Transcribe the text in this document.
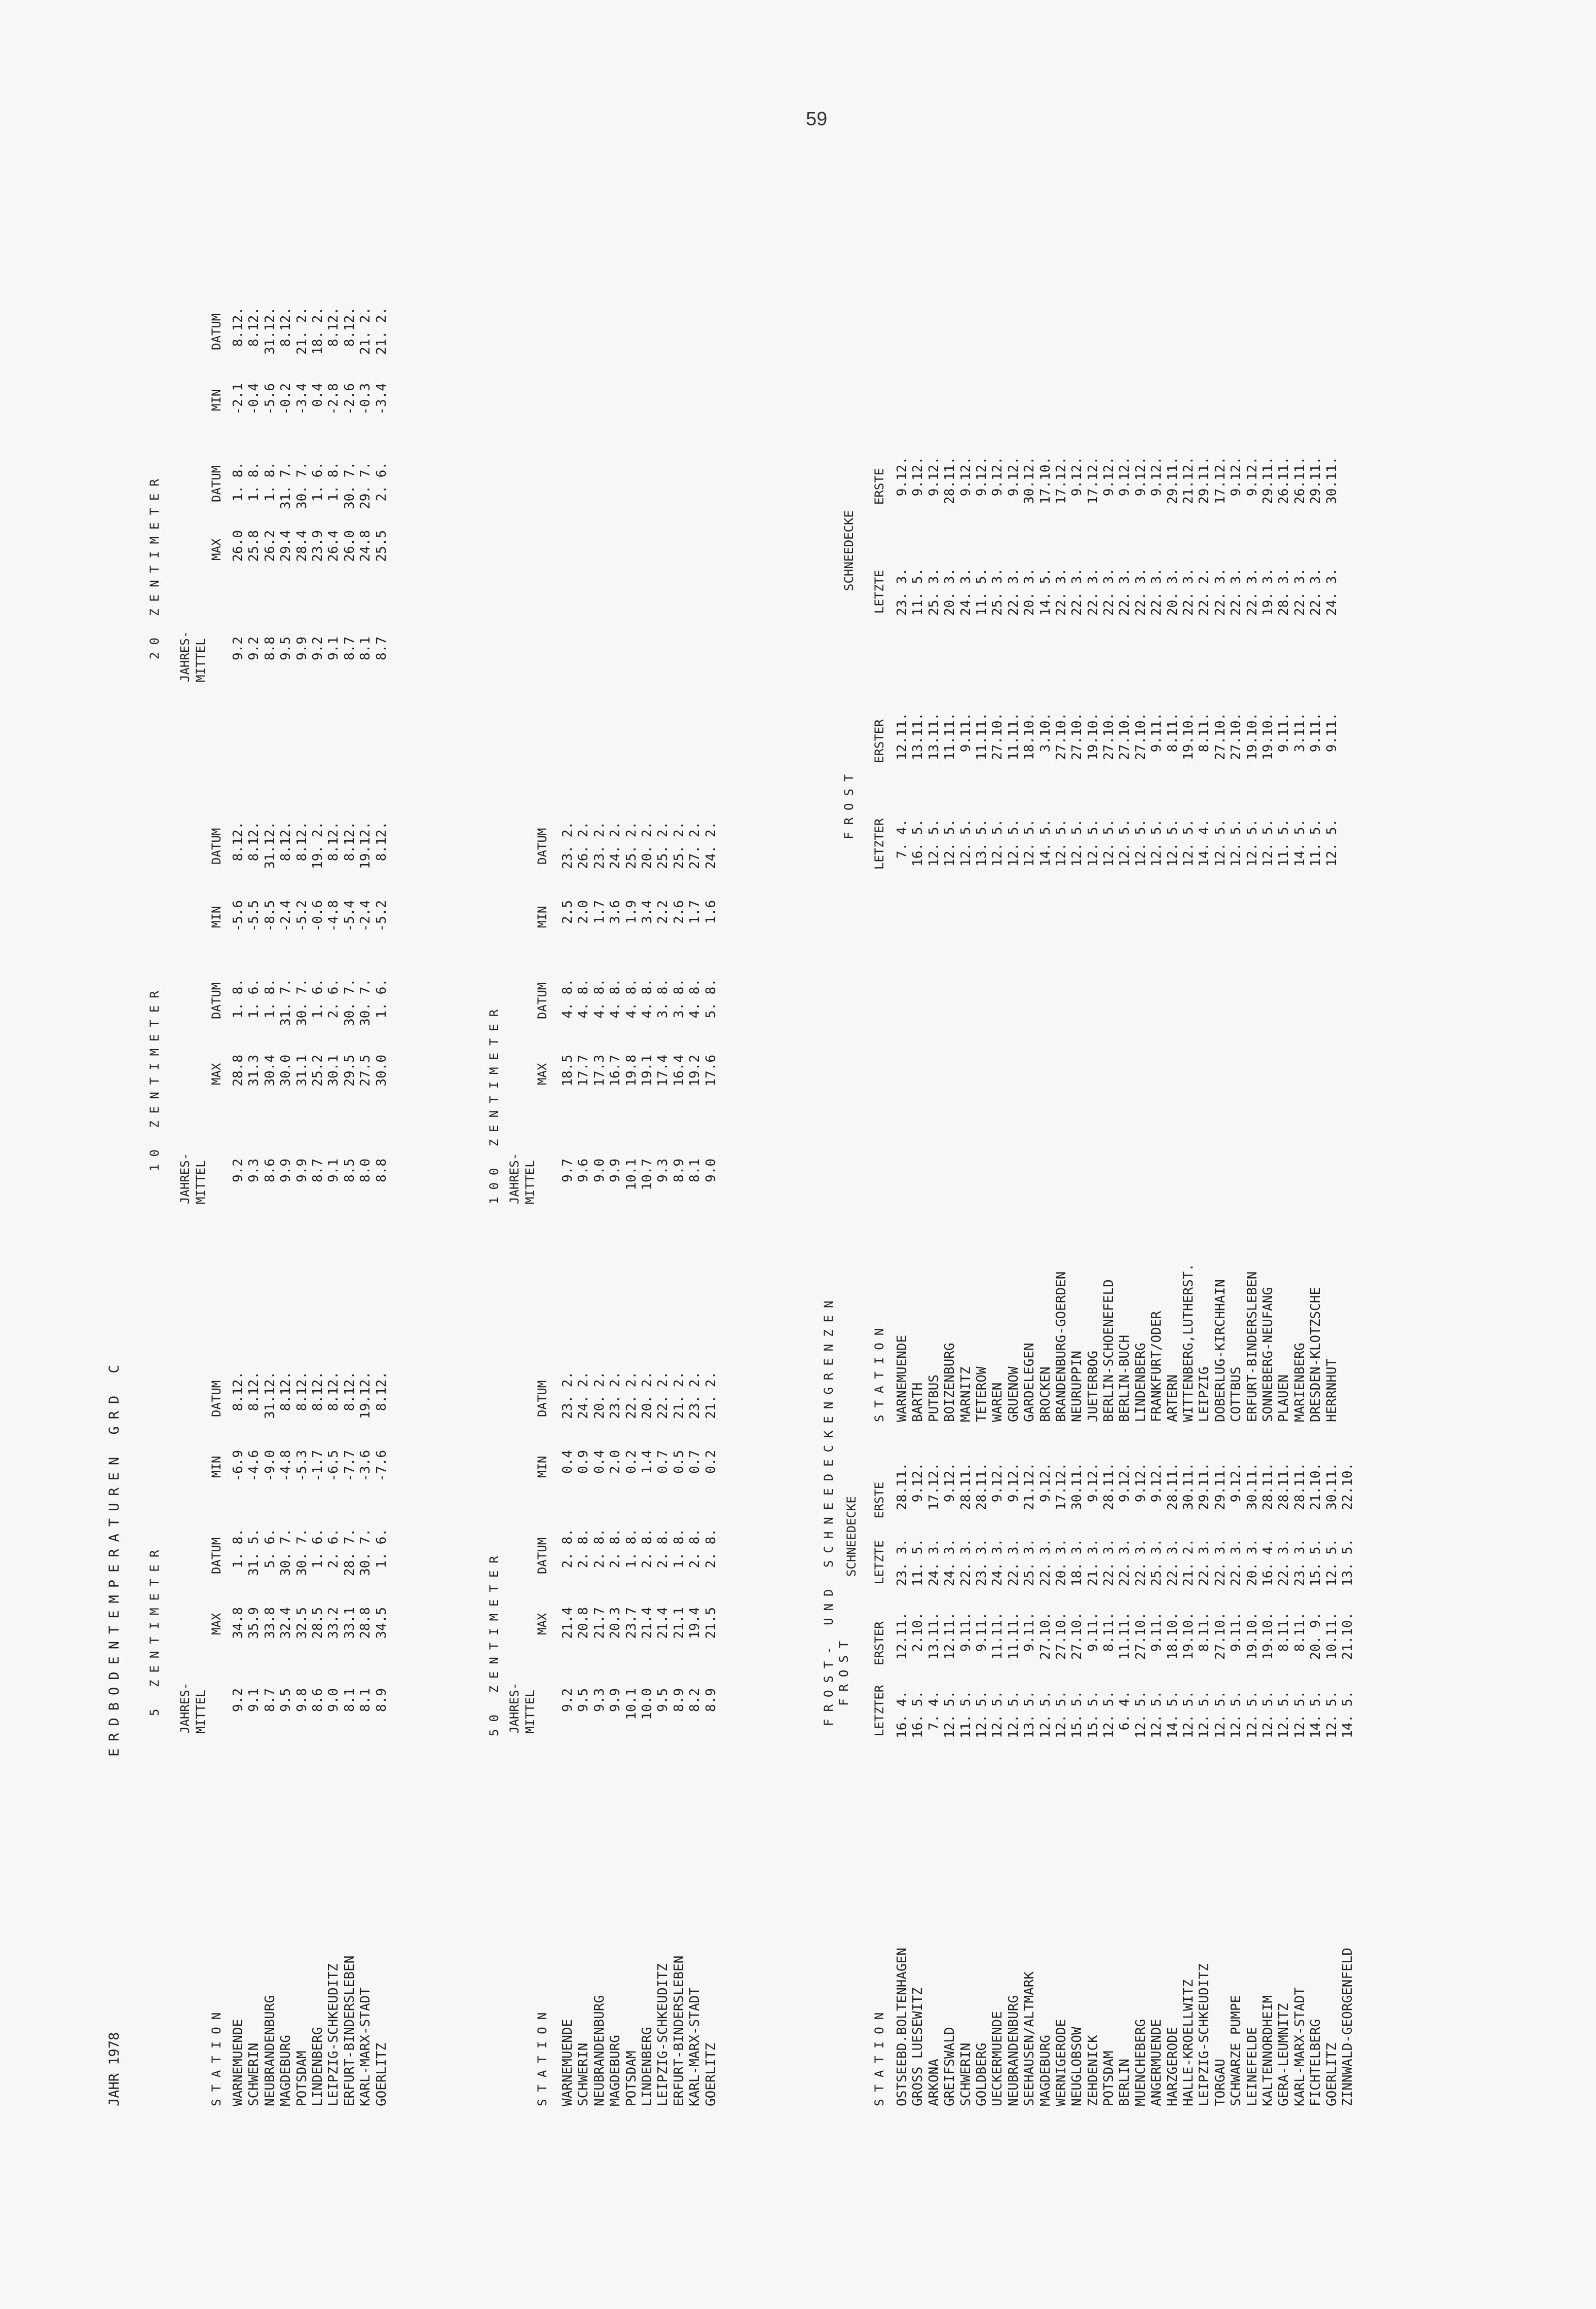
59

JAHR 1978

ERDBODENTEMPERATUREN GRD C

STATION
5 ZENTIMETER JAHRES-
MITTEL
MAX
DATUM
MIN
DATUM
10 ZENTIMETER
JAHRES-
MITTEL
MAX
DATUM
MIN
DATUM
20 ZENTIMETER JAHRES-
MITTEL
MAX
DATUM
MIN
DATUM
WARNEMUENDE SCHWERIN NEUBRANDENBURG MAGDEBURG POTSDAM LINDENBERG LEIPZIG-SCHKEUDITZ ERFURT-BINDERSLEBEN KARL-MARX-STADT GOERLITZ
9.2 9.1 8.7 9.5 9.8 8.6 9.0 8.1 8.1 8.9
34.8 35.9 33.8 32.4 32.5 28.5 33.2 33.1 28.8 34.5
1. 8. 31. 5. 5. 6. 30. 7. 30. 7. 1. 6. 2. 6. 28. 7. 30. 7. 1. 6.
-6.9 -4.6 -9.0 -4.8 -5.3 -1.7 -6.5 -7.7 -3.6 -7.6
8.12. 8.12. 31.12. 8.12. 8.12. 8.12. 8.12. 8.12. 19.12. 8.12.
9.2 9.3 8.6 9.9 9.9 8.7 9.1 8.5 8.0 8.8
28.8 31.3 30.4 30.0 31.1 25.2 30.1 29.5 27.5 30.0
1. 8. 1. 6. 1. 8. 31. 7. 30. 7. 1. 6. 2. 6. 30. 7. 30. 7. 1. 6.
-5.6 -5.5 -8.5 -2.4 -5.2 -0.6 -4.8 -5.4 -2.4 -5.2
8.12. 8.12. 31.12. 8.12. 8.12. 19. 2. 8.12. 8.12. 19.12. 8.12.
9.2 9.2 8.8 9.5 9.9 9.2 9.1 8.7 8.1 8.7
26.0 25.8 26.2 29.4 28.4 23.9 26.4 26.0 24.8 25.5
1. 8. 1. 8. 1. 8. 31. 7. 30. 7. 1. 6. 1. 8. 30. 7. 29. 7. 2. 6.
-2.1 -0.4 -5.6 -0.2 -3.4 0.4 -2.8 -2.6 -0.3 -3.4
8.12. 8.12. 31.12. 8.12. 21. 2. 18. 2. 8.12. 8.12. 21. 2. 21. 2.
STATION
50 ZENTIMETER JAHRES-
MITTEL
MAX
DATUM
MIN
DATUM
100 ZENTIMETER JAHRES-
MITTEL
MAX
DATUM
MIN
DATUM
WARNEMUENDE SCHWERIN NEUBRANDENBURG MAGDEBURG POTSDAM LINDENBERG LEIPZIG-SCHKEUDITZ ERFURT-BINDERSLEBEN KARL-MARX-STADT GOERLITZ
9.2 9.5 9.3 9.9 10.1 10.0 9.5 8.9 8.2 8.9
21.4 20.8 21.7 20.3 23.7 21.4 21.4 21.1 19.4 21.5
2. 8. 2. 8. 2. 8. 2. 8. 1. 8. 2. 8. 2. 8. 1. 8. 2. 8. 2. 8.
0.4 0.9 0.4 2.0 0.2 1.4 0.7 0.5 0.7 0.2
23. 2. 24. 2. 20. 2. 23. 2. 22. 2. 20. 2. 22. 2. 21. 2. 23. 2. 21. 2.
9.7 9.6 9.0 9.9 10.1 10.7 9.3 8.9 8.1 9.0
18.5 17.7 17.3 16.7 19.8 19.1 17.4 16.4 19.2 17.6
4. 8. 4. 8. 4. 8. 4. 8. 4. 8. 4. 8. 3. 8. 3. 8. 4. 8. 5. 8.
2.5 2.0 1.7 3.6 1.9 3.4 2.2 2.6 1.7 1.6
23. 2. 26. 2. 23. 2. 24. 2. 25. 2. 20. 2. 25. 2. 25. 2. 27. 2. 24. 2.
FROST- UND SCHNEEDECKENGRENZEN
STATION
FROST
SCHNEEDECKE
LETZTER
ERSTER
LETZTE
ERSTE
OSTSEEBD.BOLTENHAGEN GROSS LUESEWITZ ARKONA GREIFSWALD SCHWERIN GOLDBERG UECKERMUENDE NEUBRANDENBURG SEEHAUSEN/ALTMARK MAGDEBURG WERNIGERODE NEUGLOBSOW ZEHDENICK POTSDAM BERLIN MUENCHEBERG ANGERMUENDE HARZGERODE HALLE-KROELLWITZ LEIPZIG-SCHKEUDITZ TORGAU SCHWARZE PUMPE LEINEFELDE KALTENNORDHEIM GERA-LEUMNITZ KARL-MARX-STADT FICHTELBERG GOERLITZ ZINNWALD-GEORGENFELD
16. 4. 16. 5. 7. 4. 12. 5. 11. 5. 12. 5. 12. 5. 12. 5. 13. 5. 12. 5. 12. 5. 15. 5. 15. 5. 12. 5. 6. 4. 12. 5. 12. 5. 14. 5. 12. 5. 12. 5. 12. 5. 12. 5. 12. 5. 12. 5. 12. 5. 12. 5. 14. 5. 12. 5. 14. 5.
12.11. 2.10. 13.11. 12.11. 9.11. 9.11. 11.11. 11.11. 9.11. 27.10. 27.10. 27.10. 9.11. 8.11. 11.11. 27.10. 9.11. 18.10. 19.10. 8.11. 27.10. 9.11. 19.10. 19.10. 8.11. 8.11. 20. 9. 10.11. 21.10.
23. 3. 11. 5. 24. 3. 24. 3. 22. 3. 23. 3. 24. 3. 22. 3. 25. 3. 22. 3. 20. 3. 18. 3. 21. 3. 22. 3. 22. 3. 22. 3. 25. 3. 22. 3. 21. 2. 22. 3. 22. 3. 22. 3. 20. 3. 16. 4. 22. 3. 23. 3. 15. 5. 12. 5. 13. 5.
28.11. 9.12. 17.12. 9.12. 28.11. 28.11. 9.12. 9.12. 21.12. 9.12. 17.12. 30.11. 9.12. 28.11. 9.12. 9.12. 9.12. 28.11. 30.11. 29.11. 29.11. 9.12. 30.11. 28.11. 28.11. 28.11. 21.10. 30.11. 22.10.
STATION
FROST
SCHNEEDECKE
LETZTER
ERSTER
LETZTE
ERSTE
WARNEMUENDE BARTH PUTBUS BOIZENBURG MARNITZ TETEROW WAREN GRUENOW GARDELEGEN BROCKEN BRANDENBURG-GOERDEN NEURUPPIN JUETERBOG BERLIN-SCHOENEFELD BERLIN-BUCH LINDENBERG FRANKFURT/ODER ARTERN WITTENBERG,LUTHERST. LEIPZIG DOBERLUG-KIRCHHAIN COTTBUS ERFURT-BINDERSLEBEN SONNEBERG-NEUFANG PLAUEN MARIENBERG DRESDEN-KLOTZSCHE HERRNHUT
7. 4. 16. 5. 12. 5. 12. 5. 12. 5. 13. 5. 12. 5. 12. 5. 12. 5. 14. 5. 12. 5. 12. 5. 12. 5. 12. 5. 12. 5. 12. 5. 12. 5. 12. 5. 12. 5. 14. 4. 12. 5. 12. 5. 12. 5. 12. 5. 11. 5. 14. 5. 11. 5. 12. 5.
12.11. 13.11. 13.11. 11.11. 9.11. 11.11. 27.10. 11.11. 18.10. 3.10. 27.10. 27.10. 19.10. 27.10. 27.10. 27.10. 9.11. 8.11. 19.10. 8.11. 27.10. 27.10. 19.10. 19.10. 9.11. 3.11. 9.11. 9.11.
23. 3. 11. 5. 25. 3. 20. 3. 24. 3. 11. 5. 25. 3. 22. 3. 20. 3. 14. 5. 22. 3. 22. 3. 22. 3. 22. 3. 22. 3. 22. 3. 22. 3. 20. 3. 22. 3. 22. 2. 22. 3. 22. 3. 22. 3. 19. 3. 28. 3. 22. 3. 22. 3. 24. 3.
9.12. 9.12. 9.12. 28.11. 9.12. 9.12. 9.12. 9.12. 30.12. 17.10. 17.12. 9.12. 17.12. 9.12. 9.12. 9.12. 9.12. 29.11. 21.12. 29.11. 17.12. 9.12. 9.12. 29.11. 26.11. 26.11. 29.11. 30.11.
